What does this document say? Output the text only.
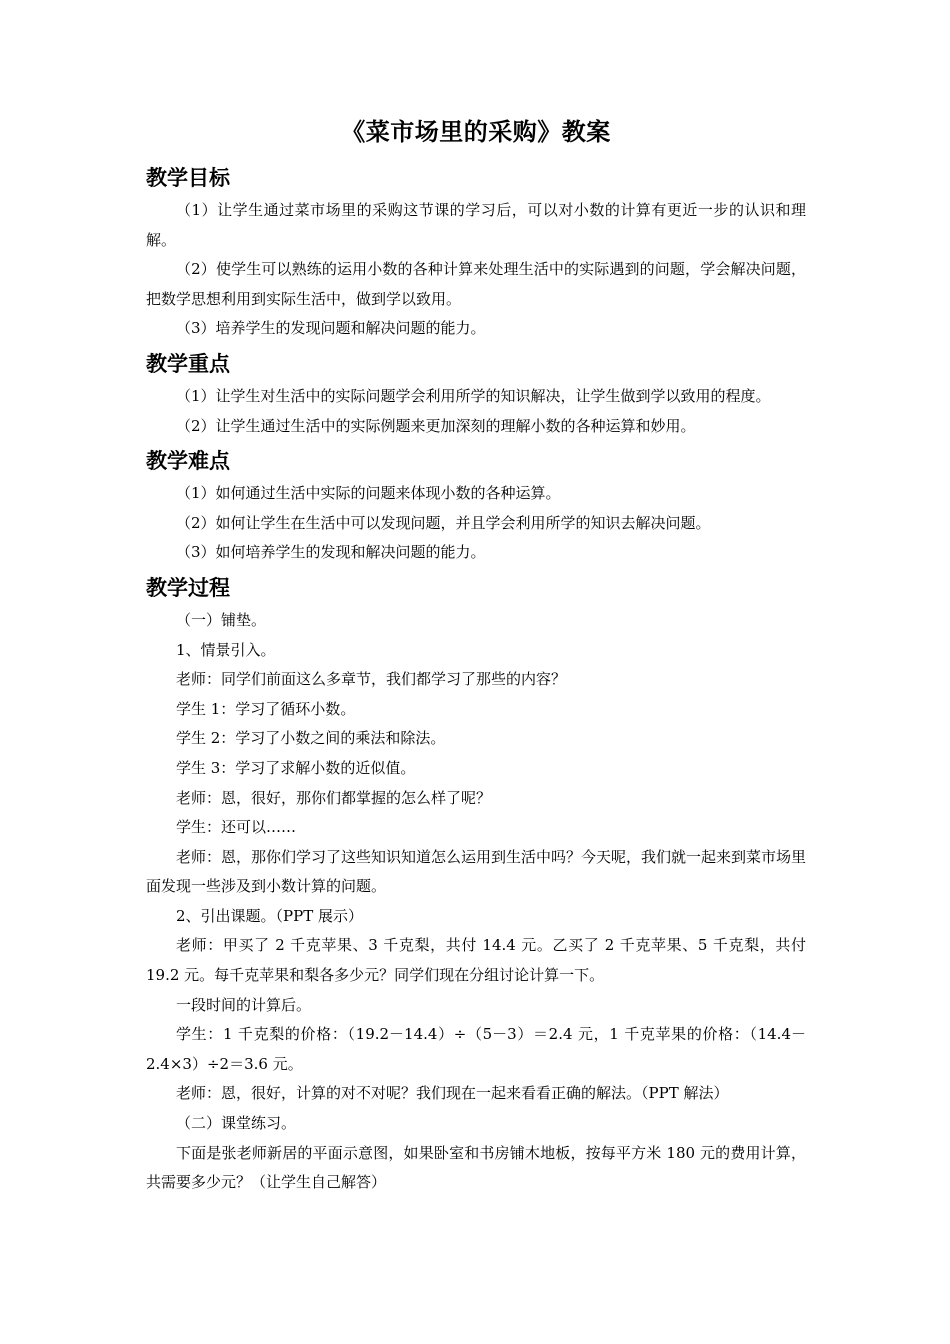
《菜市场里的采购》教案
教学目标

（1）让学生通过菜市场里的采购这节课的学习后，可以对小数的计算有更近一步的认识和理解。

（2）使学生可以熟练的运用小数的各种计算来处理生活中的实际遇到的问题，学会解决问题，把数学思想利用到实际生活中，做到学以致用。

（3）培养学生的发现问题和解决问题的能力。

教学重点

（1）让学生对生活中的实际问题学会利用所学的知识解决，让学生做到学以致用的程度。

（2）让学生通过生活中的实际例题来更加深刻的理解小数的各种运算和妙用。

教学难点

（1）如何通过生活中实际的问题来体现小数的各种运算。

（2）如何让学生在生活中可以发现问题，并且学会利用所学的知识去解决问题。

（3）如何培养学生的发现和解决问题的能力。

教学过程

（一）铺垫。

1、情景引入。

老师：同学们前面这么多章节，我们都学习了那些的内容？

学生 1：学习了循环小数。

学生 2：学习了小数之间的乘法和除法。

学生 3：学习了求解小数的近似值。

老师：恩，很好，那你们都掌握的怎么样了呢？

学生：还可以……

老师：恩，那你们学习了这些知识知道怎么运用到生活中吗？今天呢，我们就一起来到菜市场里面发现一些涉及到小数计算的问题。

2、引出课题。（PPT 展示）

老师：甲买了 2 千克苹果、3 千克梨，共付 14.4 元。乙买了 2 千克苹果、5 千克梨，共付 19.2 元。每千克苹果和梨各多少元？同学们现在分组讨论计算一下。

一段时间的计算后。

学生：1 千克梨的价格：（19.2－14.4）÷（5－3）＝2.4 元，1 千克苹果的价格：（14.4－2.4×3）÷2＝3.6 元。

老师：恩，很好，计算的对不对呢？我们现在一起来看看正确的解法。（PPT 解法）

（二）课堂练习。

下面是张老师新居的平面示意图，如果卧室和书房铺木地板，按每平方米 180 元的费用计算，共需要多少元？（让学生自己解答）
